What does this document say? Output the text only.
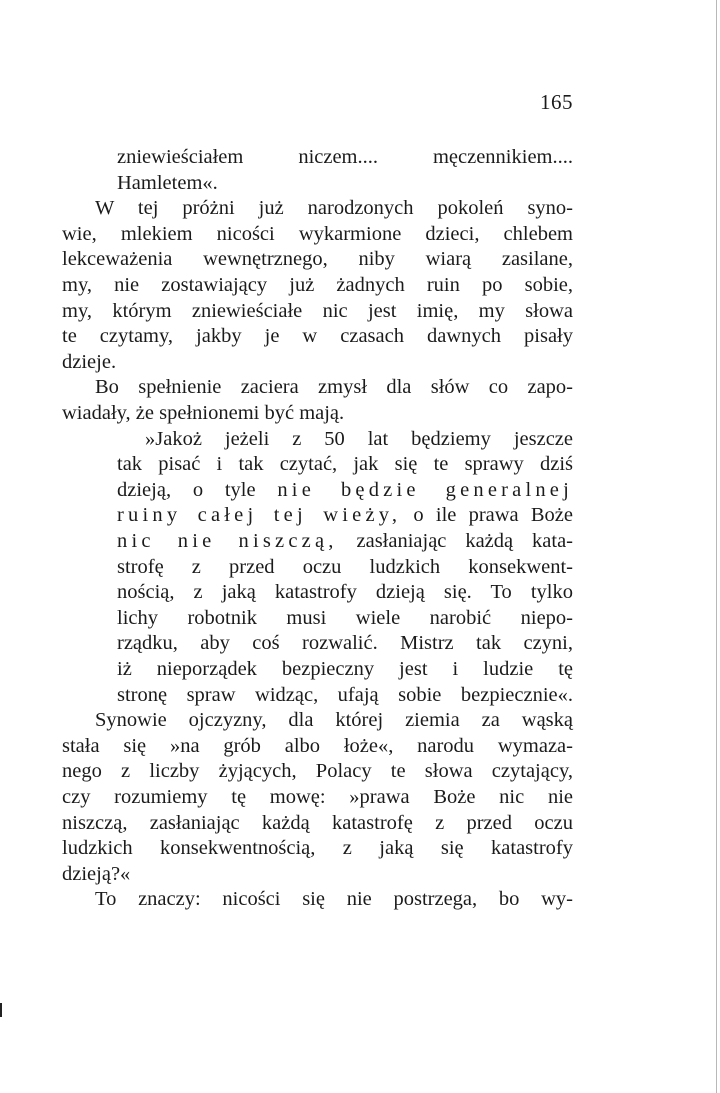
165
zniewieściałem niczem.... męczennikiem....
Hamletem«.
W tej próżni już narodzonych pokoleń syno-
wie, mlekiem nicości wykarmione dzieci, chlebem
lekceważenia wewnętrznego, niby wiarą zasilane,
my, nie zostawiający już żadnych ruin po sobie,
my, którym zniewieściałe nic jest imię, my słowa
te czytamy, jakby je w czasach dawnych pisały
dzieje.
Bo spełnienie zaciera zmysł dla słów co zapo-
wiadały, że spełnionemi być mają.
»Jakoż jeżeli z 50 lat będziemy jeszcze
tak pisać i tak czytać, jak się te sprawy dziś
dzieją, o tyle nie będzie generalnej
ruiny całej tej wieży, o ile prawa Boże
nic nie niszczą, zasłaniając każdą kata-
strofę z przed oczu ludzkich konsekwent-
nością, z jaką katastrofy dzieją się. To tylko
lichy robotnik musi wiele narobić niepo-
rządku, aby coś rozwalić. Mistrz tak czyni,
iż nieporządek bezpieczny jest i ludzie tę
stronę spraw widząc, ufają sobie bezpiecznie«.
Synowie ojczyzny, dla której ziemia za wąską
stała się »na grób albo łoże«, narodu wymaza-
nego z liczby żyjących, Polacy te słowa czytający,
czy rozumiemy tę mowę: »prawa Boże nic nie
niszczą, zasłaniając każdą katastrofę z przed oczu
ludzkich konsekwentnością, z jaką się katastrofy
dzieją?«
To znaczy: nicości się nie postrzega, bo wy-
